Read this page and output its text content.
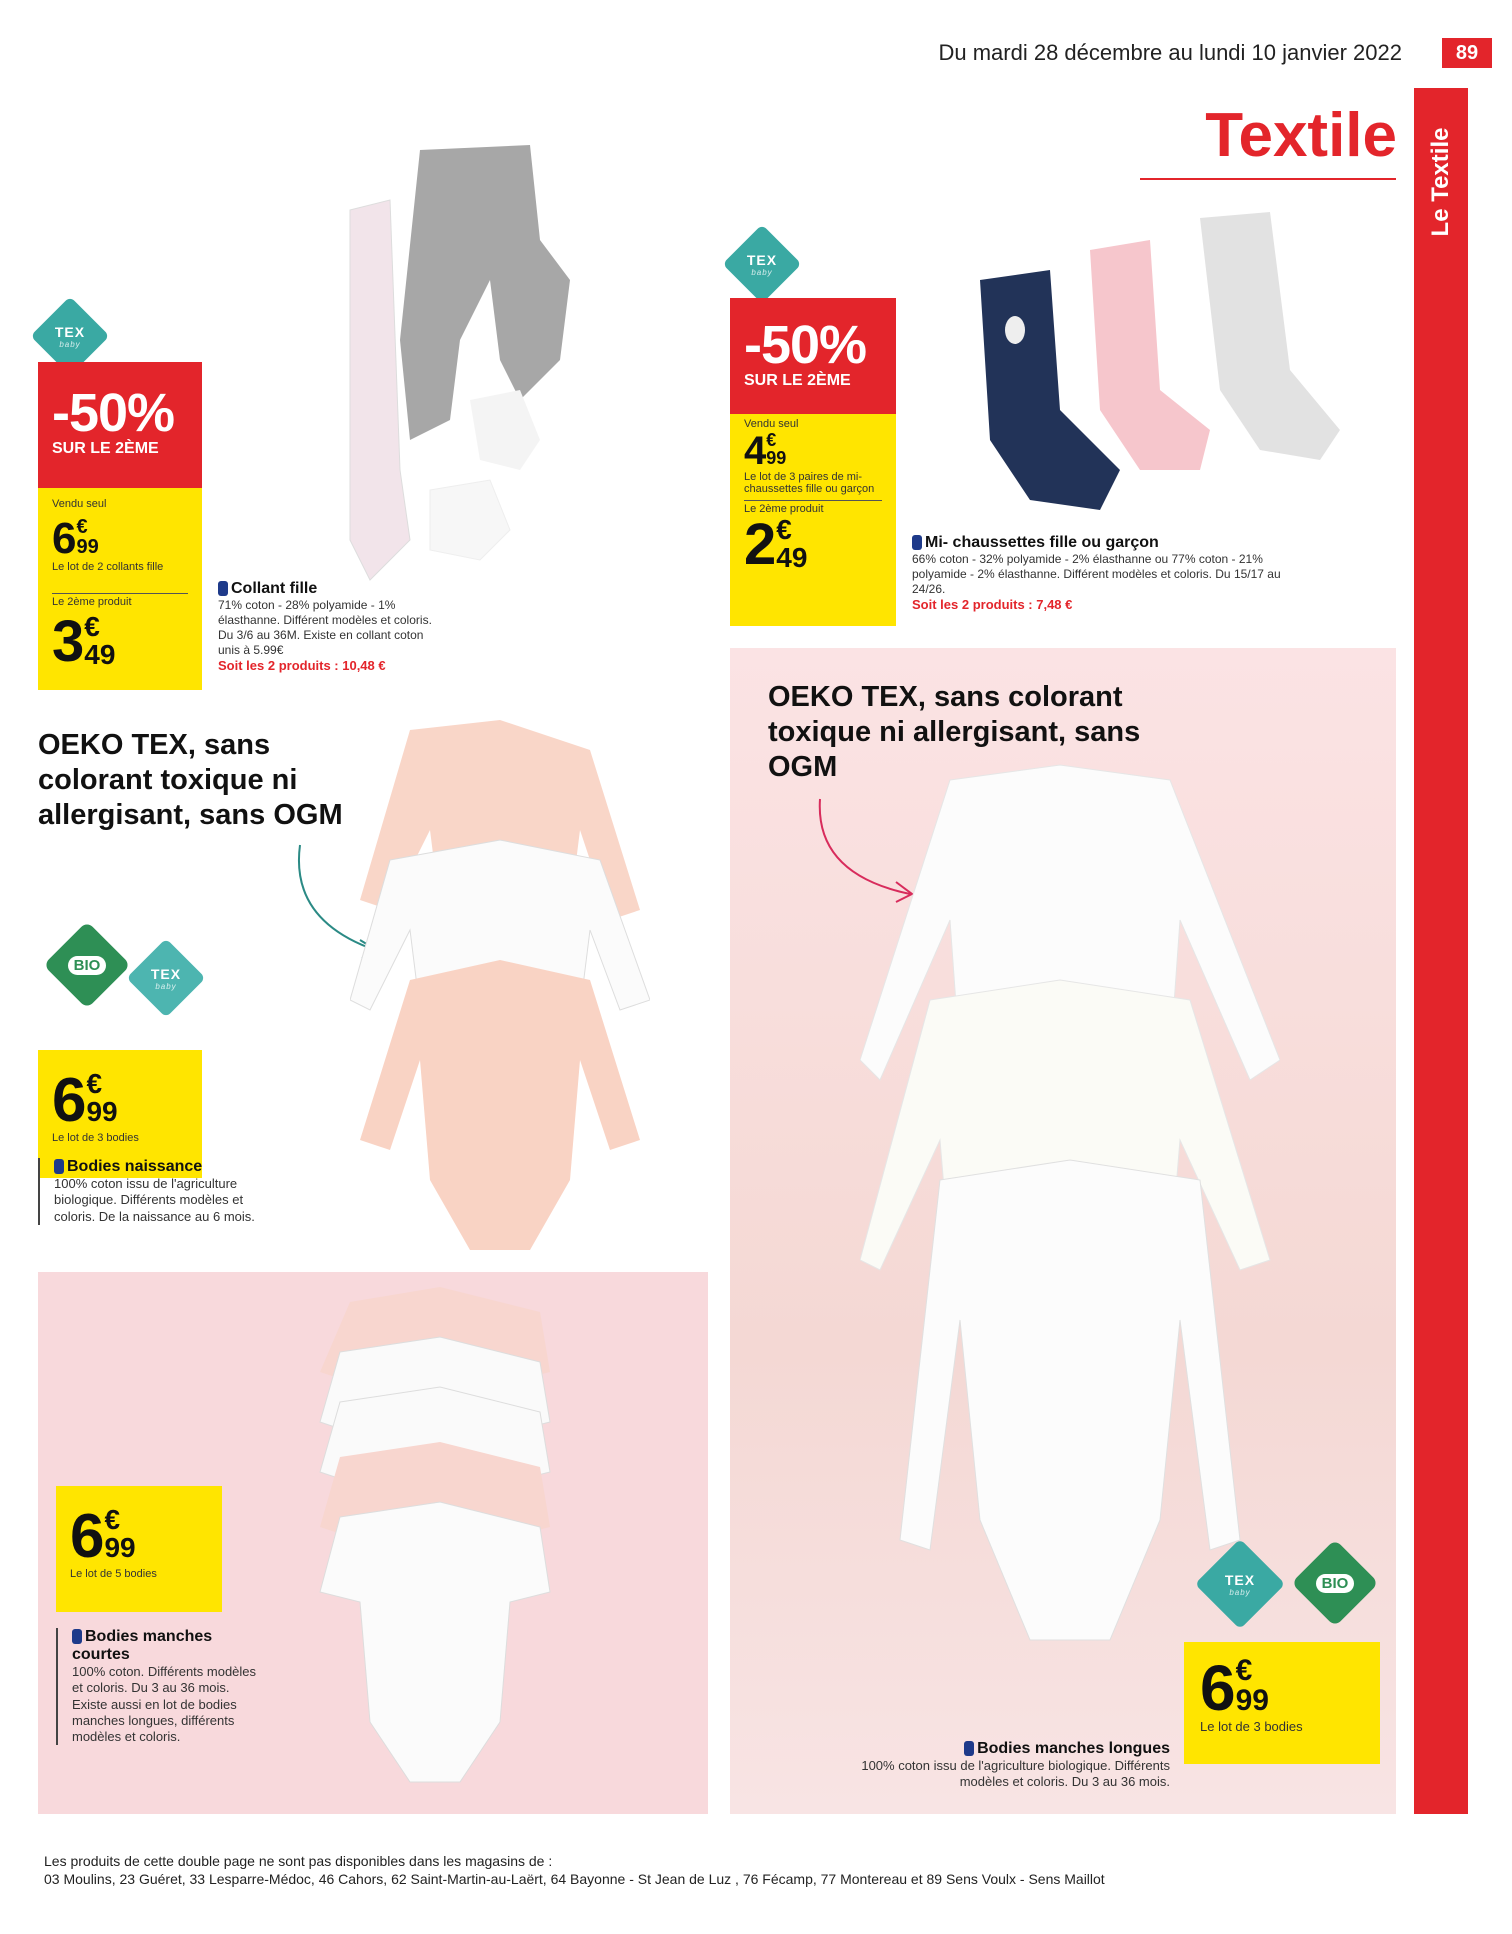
Du mardi 28 décembre au lundi 10 janvier 2022	89
Textile Le Textile
TEX
baby
-50%
SUR LE 2ÈME
Vendu seul
6€
99
Le lot de 2 collants fille
Le 2ème produit
3€
49
Collant fille
71% coton - 28% polyamide - 1% élasthanne. Différent modèles et coloris. Du 3/6 au 36M. Existe en collant coton unis à 5.99€
Soit les 2 produits : 10,48 €
OEKO TEX, sans colorant toxique ni allergisant, sans OGM
BIO	TEX
baby
6€
99
Le lot de 3 bodies
Bodies naissance
100% coton issu de l'agriculture biologique. Différents modèles et coloris. De la naissance au 6 mois.
6€
99
Le lot de 5 bodies
Bodies manches courtes
100% coton. Différents modèles et coloris. Du 3 au 36 mois. Existe aussi en lot de bodies manches longues, différents modèles et coloris.
TEX
baby
-50%
SUR LE 2ÈME
Vendu seul
4€
99
Le lot de 3 paires de mi-chaussettes fille ou garçon
Le 2ème produit
2€
49	Mi- chaussettes fille ou garçon
66% coton - 32% polyamide - 2% élasthanne ou 77% coton - 21% polyamide - 2% élasthanne. Différent modèles et coloris. Du 15/17 au 24/26.
Soit les 2 produits : 7,48 €
OEKO TEX, sans colorant toxique ni allergisant, sans OGM
TEX
baby
BIO
6€
99
Le lot de 3 bodies
Bodies manches longues
100% coton issu de l'agriculture biologique. Différents modèles et coloris. Du 3 au 36 mois.
Les produits de cette double page ne sont pas disponibles dans les magasins de :
03 Moulins, 23 Guéret, 33 Lesparre-Médoc, 46 Cahors, 62 Saint-Martin-au-Laërt, 64 Bayonne - St Jean de Luz , 76 Fécamp, 77 Montereau et 89 Sens Voulx - Sens Maillot
